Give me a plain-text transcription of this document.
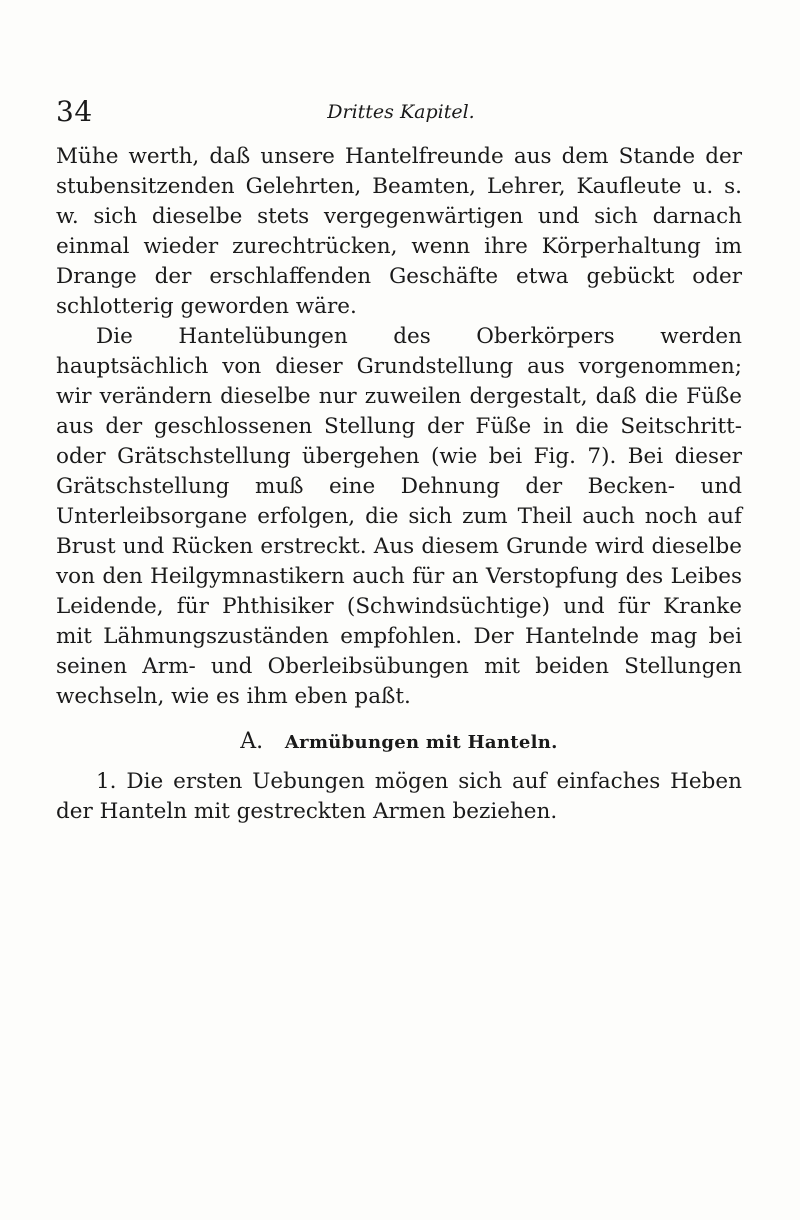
34	Drittes Kapitel.

Mühe werth, daß unsere Hantelfreunde aus dem Stande der stubensitzenden Gelehrten, Beamten, Lehrer, Kaufleute u. s. w. sich dieselbe stets vergegenwärtigen und sich darnach einmal wieder zurechtrücken, wenn ihre Körperhaltung im Drange der erschlaffenden Geschäfte etwa gebückt oder schlotterig geworden wäre.

Die Hantelübungen des Oberkörpers werden hauptsächlich von dieser Grundstellung aus vorgenommen; wir verändern dieselbe nur zuweilen dergestalt, daß die Füße aus der geschlossenen Stellung der Füße in die Seitschritt- oder Grätschstellung übergehen (wie bei Fig. 7). Bei dieser Grätschstellung muß eine Dehnung der Becken- und Unterleibsorgane erfolgen, die sich zum Theil auch noch auf Brust und Rücken erstreckt. Aus diesem Grunde wird dieselbe von den Heilgymnastikern auch für an Verstopfung des Leibes Leidende, für Phthisiker (Schwindsüchtige) und für Kranke mit Lähmungszuständen empfohlen. Der Hantelnde mag bei seinen Arm- und Oberleibsübungen mit beiden Stellungen wechseln, wie es ihm eben paßt.

A. Armübungen mit Hanteln.

1. Die ersten Uebungen mögen sich auf einfaches Heben der Hanteln mit gestreckten Armen beziehen.
